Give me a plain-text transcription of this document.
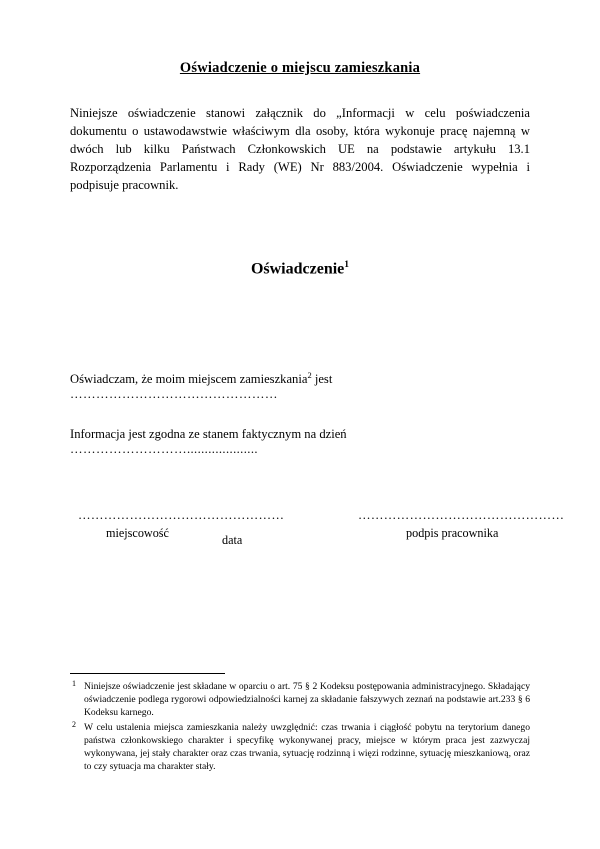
Oświadczenie o miejscu zamieszkania

Niniejsze oświadczenie stanowi załącznik do „Informacji w celu poświadczenia dokumentu o ustawodawstwie właściwym dla osoby, która wykonuje pracę najemną w dwóch lub kilku Państwach Członkowskich UE na podstawie artykułu 13.1 Rozporządzenia Parlamentu i Rady (WE) Nr 883/2004. Oświadczenie wypełnia i podpisuje pracownik.

Oświadczenie$^1$
Oświadczam, że moim miejscem zamieszkania$^2$ jest …………………………………………
Informacja jest zgodna ze stanem faktycznym na dzień ………………………....................
…………………………………………
miejscowość	data
…………………………………………
podpis pracownika

1 Niniejsze oświadczenie jest składane w oparciu o art. 75 § 2 Kodeksu postępowania administracyjnego. Składający oświadczenie podlega rygorowi odpowiedzialności karnej za składanie fałszywych zeznań na podstawie art.233 § 6 Kodeksu karnego.

2 W celu ustalenia miejsca zamieszkania należy uwzględnić: czas trwania i ciągłość pobytu na terytorium danego państwa członkowskiego charakter i specyfikę wykonywanej pracy, miejsce w którym praca jest zazwyczaj wykonywana, jej stały charakter oraz czas trwania, sytuację rodzinną i więzi rodzinne, sytuację mieszkaniową, oraz to czy sytuacja ma charakter stały.
